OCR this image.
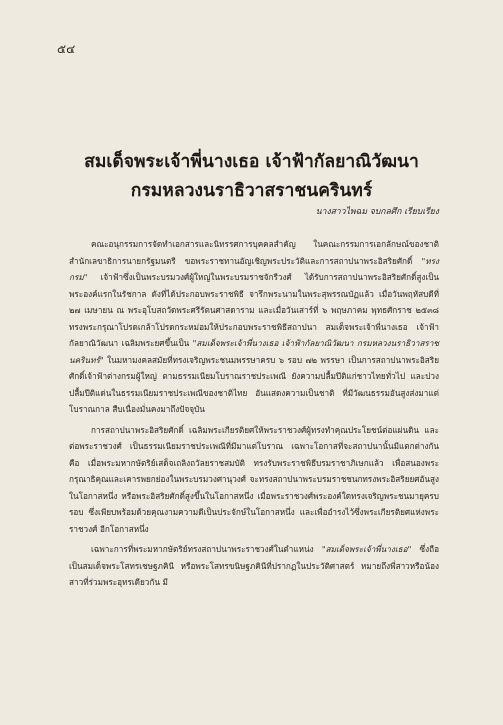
๕๔
สมเด็จพระเจ้าพี่นางเธอ เจ้าฟ้ากัลยาณิวัฒนา
กรมหลวงนราธิวาสราชนครินทร์
นางสาวไพฉม จบกลศึก เรียบเรียง

คณะอนุกรรมการจัดทำเอกสารและนิทรรศการบุคคลสำคัญ ในคณะกรรมการเอกลักษณ์ของชาติ สำนักเลขาธิการนายกรัฐมนตรี ขอพระราชทานอัญเชิญพระประวัติและการสถาปนาพระอิสริยศักดิ์ "ทรงกรม" เจ้าฟ้าซึ่งเป็นพระบรมวงศ์ผู้ใหญ่ในพระบรมราชจักรีวงศ์ ได้รับการสถาปนาพระอิสริยศักดิ์สูงเป็นพระองค์แรกในรัชกาล ดังที่ได้ประกอบพระราชพิธี จารึกพระนามในพระสุพรรณบัฏแล้ว เมื่อวันพฤหัสบดีที่ ๒๗ เมษายน ณ พระอุโบสถวัดพระศรีรัตนศาสดาราม และเมื่อวันเสาร์ที่ ๖ พฤษภาคม พุทธศักราช ๒๕๓๘ ทรงพระกรุณาโปรดเกล้าโปรดกระหม่อมให้ประกอบพระราชพิธีสถาปนา สมเด็จพระเจ้าพี่นางเธอ เจ้าฟ้ากัลยาณิวัฒนา เฉลิมพระยศขึ้นเป็น "สมเด็จพระเจ้าพี่นางเธอ เจ้าฟ้ากัลยาณิวัฒนา กรมหลวงนราธิวาสราชนครินทร์" ในมหามงคลสมัยที่ทรงเจริญพระชนมพรรษาครบ ๖ รอบ ๗๒ พรรษา เป็นการสถาปนาพระอิสริยศักดิ์เจ้าฟ้าต่างกรมผู้ใหญ่ ตามธรรมเนียมโบราณราชประเพณี ยังความปลื้มปีติแก่ชาวไทยทั่วไป และปวงปลื้มปีติแด่นในธรรมเนียมราชประเพณีของชาติไทย อันแสดงความเป็นชาติ ที่มีวัฒนธรรมอันสูงส่งมาแต่โบราณกาล สืบเนื่องมั่นคงมาถึงปัจจุบัน

การสถาปนาพระอิสริยศักดิ์ เฉลิมพระเกียรติยศให้พระราชวงศ์ผู้ทรงทำคุณประโยชน์ต่อแผ่นดิน และต่อพระราชวงศ์ เป็นธรรมเนียมราชประเพณีที่มีมาแต่โบราณ เฉพาะโอกาสที่จะสถาปนานั้นมีแตกต่างกัน คือ เมื่อพระมหากษัตริย์เสด็จเถลิงถวัลยราชสมบัติ ทรงรับพระราชพิธีบรมราชาภิเษกแล้ว เพื่อสนองพระกรุณาธิคุณและเคารพยกย่องในพระบรมวงศานุวงศ์ จะทรงสถาปนาพระบรมราชชนกทรงพระอิสริยยศอันสูงในโอกาสหนึ่ง หรือพระอิสริยศักดิ์สูงขึ้นในโอกาสหนึ่ง เมื่อพระราชวงศ์พระองค์ใดทรงเจริญพระชนมายุครบรอบ ซึ่งเพียบพร้อมด้วยคุณงามความดีเป็นประจักษ์ในโอกาสหนึ่ง และเพื่ออำรงไว้ซึ่งพระเกียรติยศแห่งพระราชวงศ์ อีกโอกาสหนึ่ง

เฉพาะการที่พระมหากษัตริย์ทรงสถาปนาพระราชวงศ์ในตำแหน่ง "สมเด็จพระเจ้าพี่นางเธอ" ซึ่งถือเป็นสมเด็จพระโสทรเชษฐภคินี หรือพระโสทรขนิษฐภคินีที่ปรากฏในประวัติศาสตร์ หมายถึงพี่สาวหรือน้องสาวที่ร่วมพระอุทรเดียวกัน มี
